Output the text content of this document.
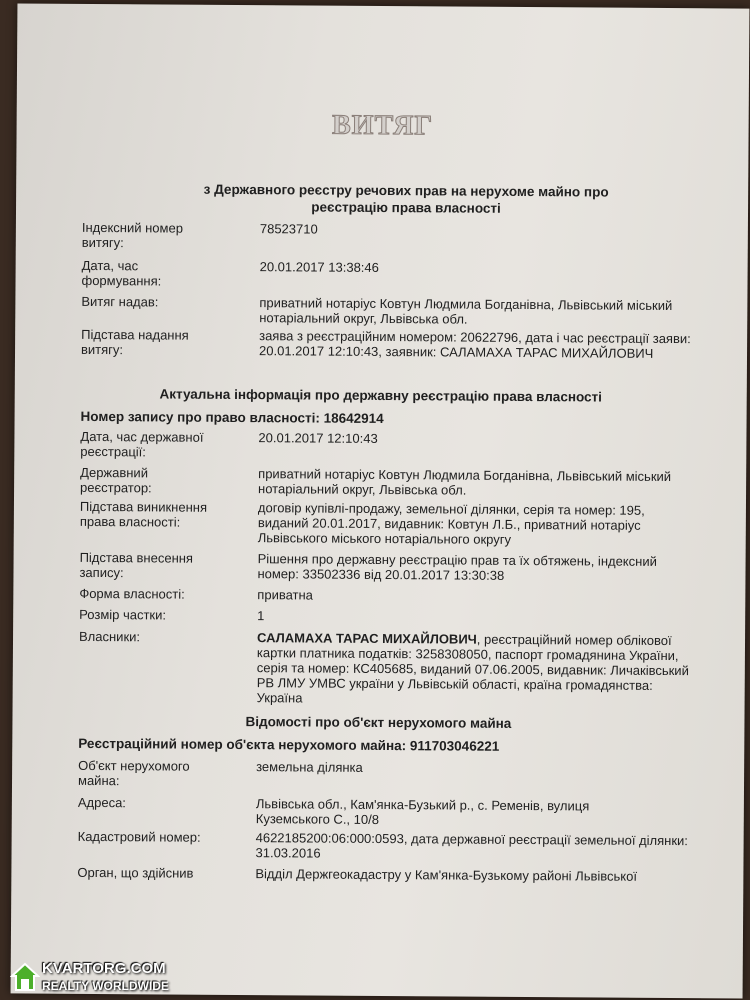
ВИТЯГ
з Державного реєстру речових прав на нерухоме майно про
реєстрацію права власності
Індексний номер витягу:
78523710
Дата, час формування:
20.01.2017 13:38:46
Витяг надав:	приватний нотаріус Ковтун Людмила Богданівна, Львівський міський нотаріальний округ, Львівська обл.
Підстава надання витягу:
заява з реєстраційним номером: 20622796, дата і час реєстрації заяви: 20.01.2017 12:10:43, заявник: САЛАМАХА ТАРАС МИХАЙЛОВИЧ
Актуальна інформація про державну реєстрацію права власності
Номер запису про право власності: 18642914
Дата, час державної реєстрації:
20.01.2017 12:10:43
Державний реєстратор:
приватний нотаріус Ковтун Людмила Богданівна, Львівський міський нотаріальний округ, Львівська обл.
Підстава виникнення права власності:
договір купівлі-продажу, земельної ділянки, серія та номер: 195, виданий 20.01.2017, видавник: Ковтун Л.Б., приватний нотаріус Львівського міського нотаріального округу
Підстава внесення запису:
Рішення про державну реєстрацію прав та їх обтяжень, індексний номер: 33502336 від 20.01.2017 13:30:38
Форма власності:	приватна
Розмір частки:	1
Власники:	САЛАМАХА ТАРАС МИХАЙЛОВИЧ, реєстраційний номер облікової картки платника податків: 3258308050, паспорт громадянина України, серія та номер: КС405685, виданий 07.06.2005, видавник: Личаківський РВ ЛМУ УМВС україни у Львівській області, країна громадянства: Україна
Відомості про об'єкт нерухомого майна
Реєстраційний номер об'єкта нерухомого майна: 911703046221
Об'єкт нерухомого майна:
земельна ділянка
Адреса:	Львівська обл., Кам'янка-Бузький р., с. Ременів, вулиця Куземського С., 10/8
Кадастровий номер:	4622185200:06:000:0593, дата державної реєстрації земельної ділянки: 31.03.2016
Орган, що здійснив	Відділ Держгеокадастру у Кам'янка-Бузькому районі Львівської
KVARTORG.COM
REALTY WORLDWIDE
